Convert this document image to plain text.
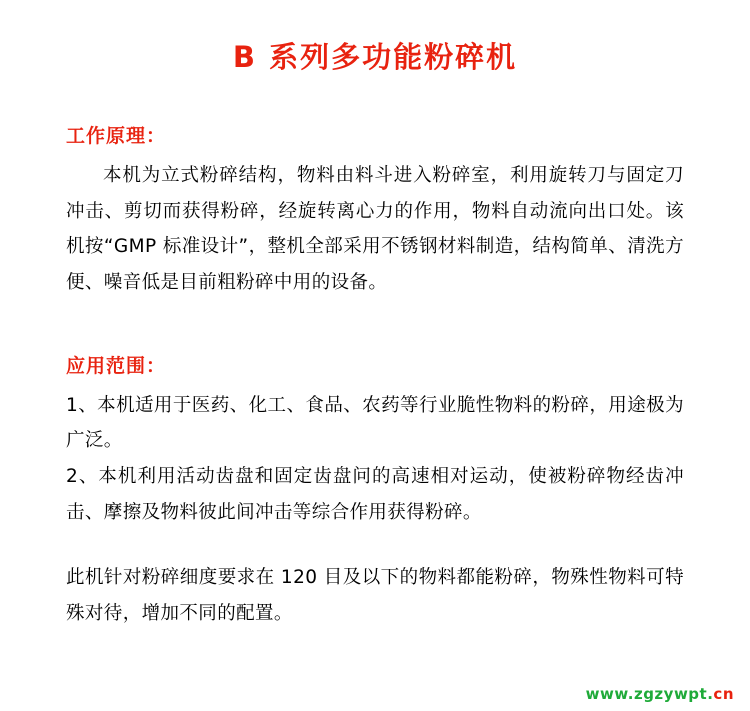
B 系列多功能粉碎机
工作原理：
本机为立式粉碎结构，物料由料斗进入粉碎室，利用旋转刀与固定刀冲击、剪切而获得粉碎，经旋转离心力的作用，物料自动流向出口处。该机按“GMP 标准设计”，整机全部采用不锈钢材料制造，结构简单、清洗方便、噪音低是目前粗粉碎中用的设备。
应用范围：
1、本机适用于医药、化工、食品、农药等行业脆性物料的粉碎，用途极为广泛。
2、本机利用活动齿盘和固定齿盘问的高速相对运动，使被粉碎物经齿冲击、摩擦及物料彼此间冲击等综合作用获得粉碎。
此机针对粉碎细度要求在 120 目及以下的物料都能粉碎，物殊性物料可特殊对待，增加不同的配置。
www.zgzywpt.cn
